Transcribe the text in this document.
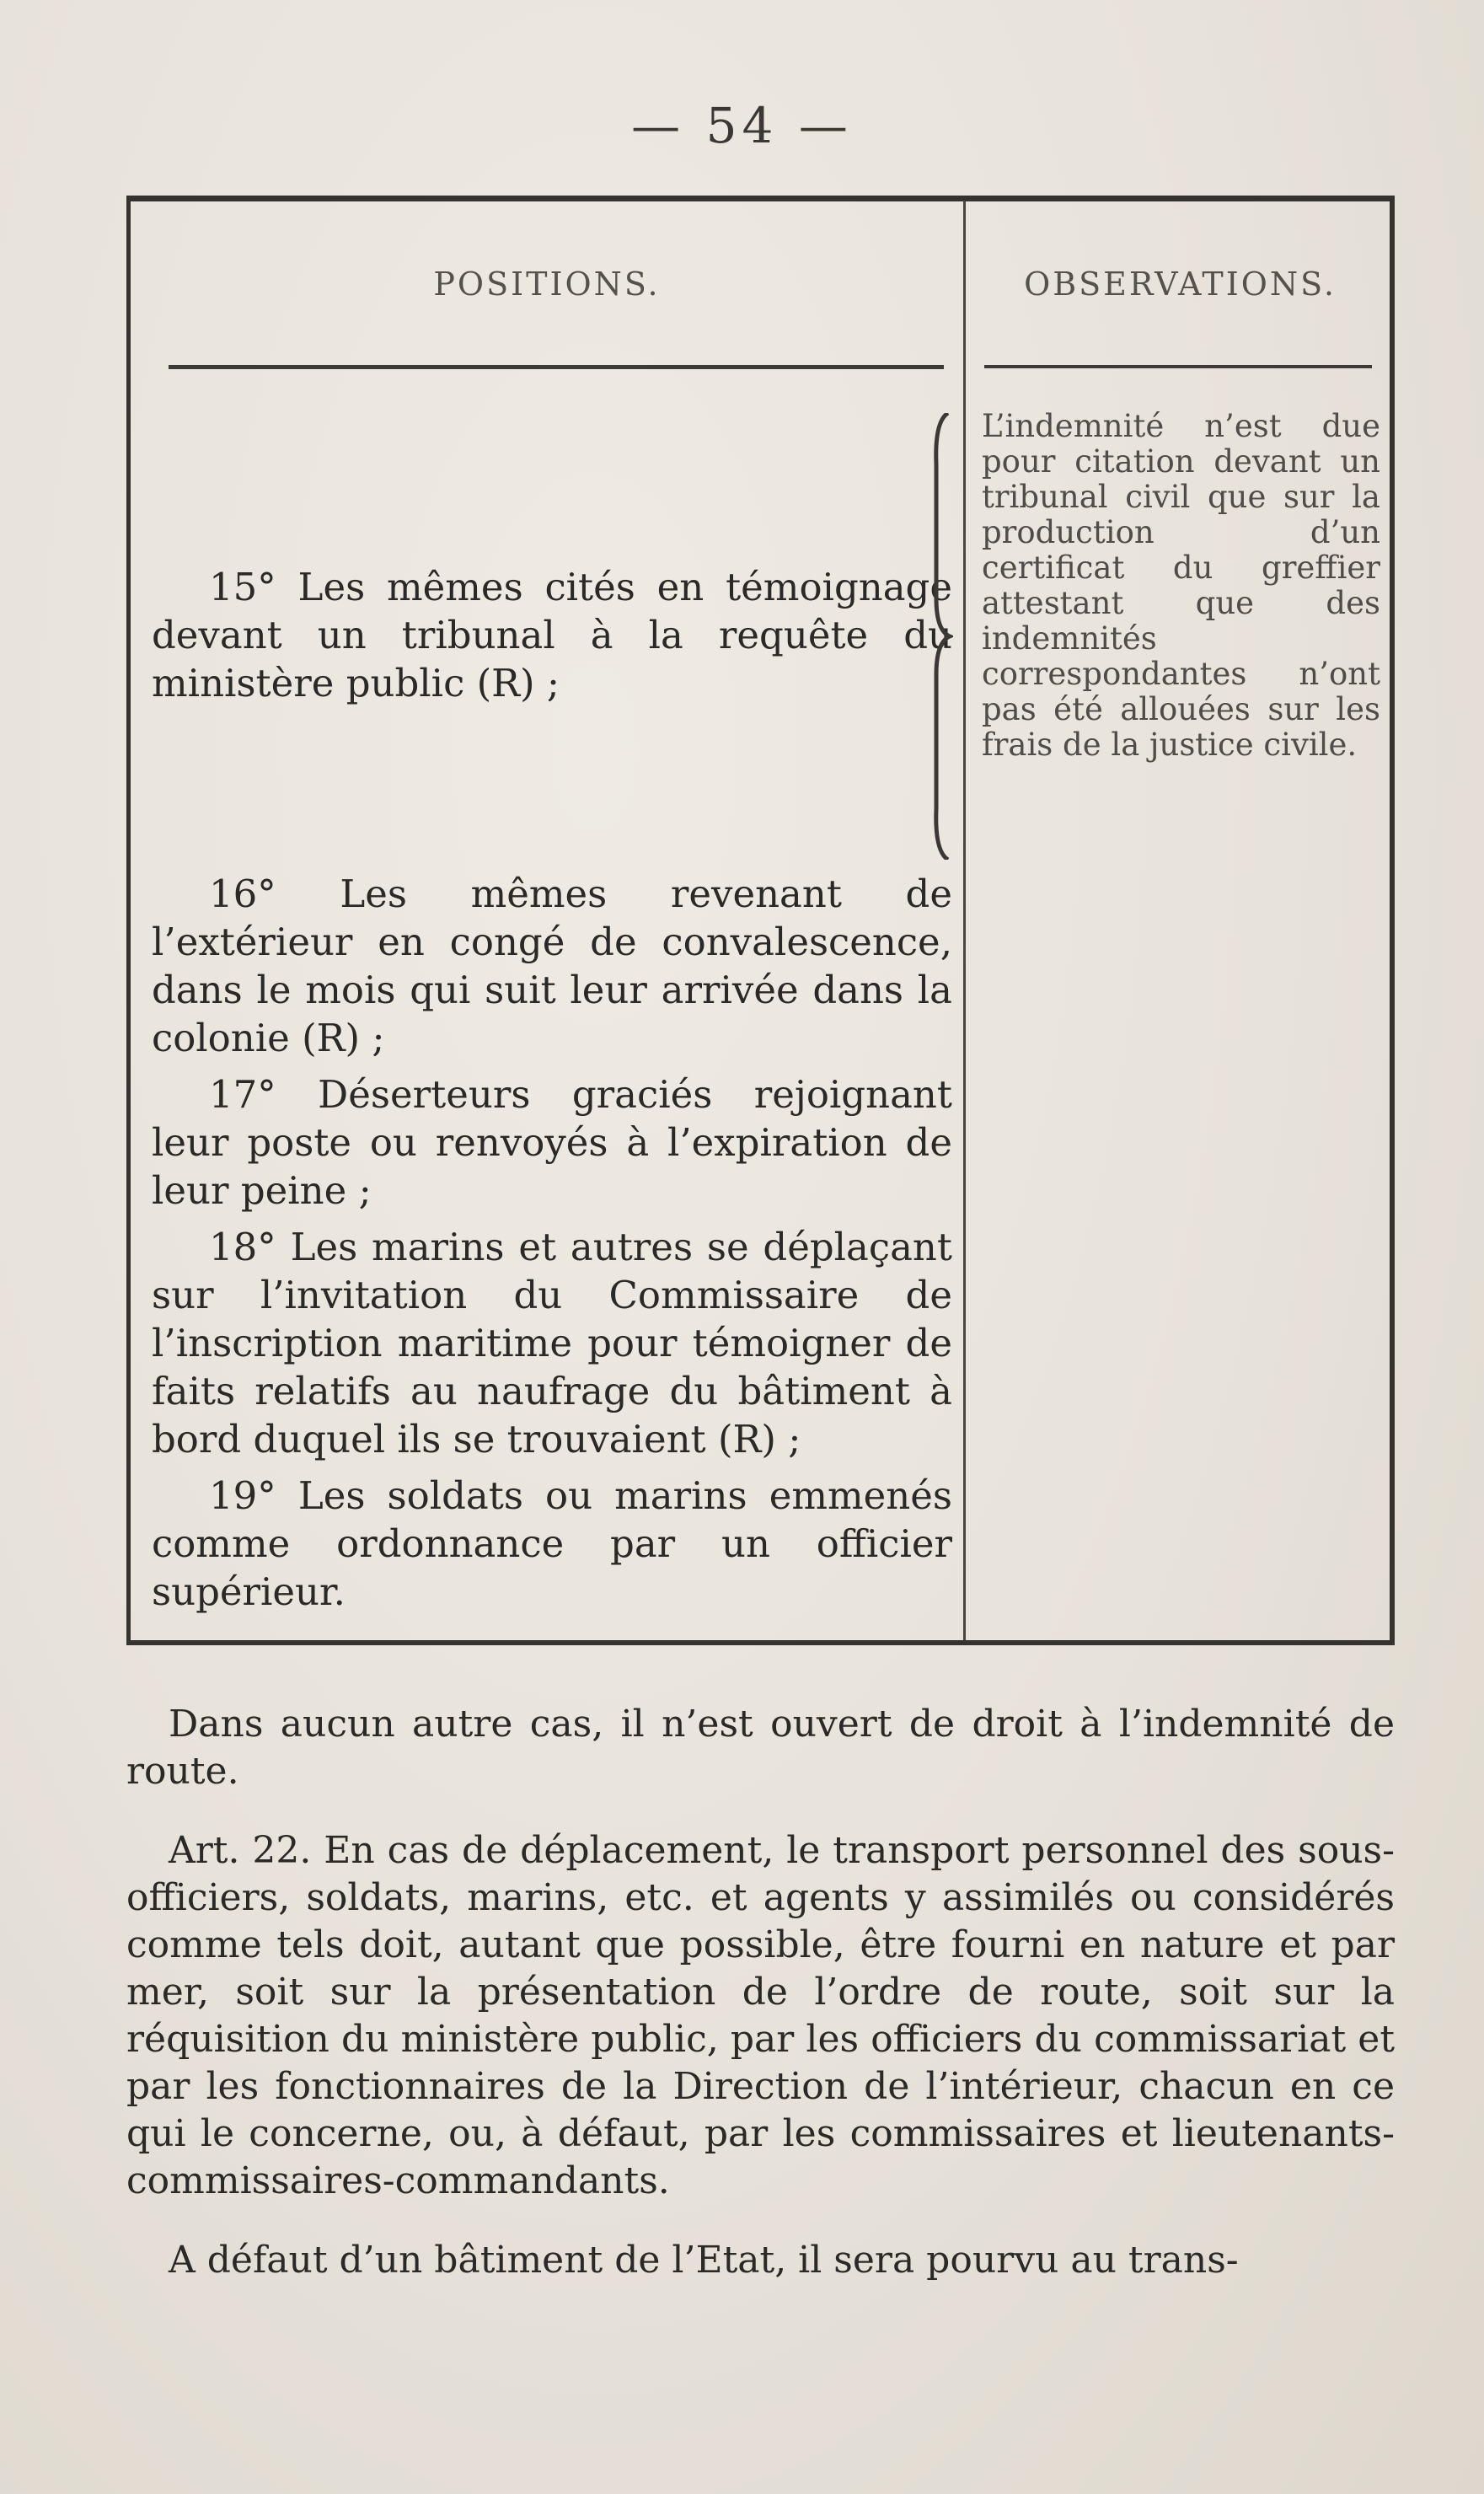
— 54 —
POSITIONS.	OBSERVATIONS.

15° Les mêmes cités en témoignage devant un tribunal à la requête du ministère public (R) ;

L’indemnité n’est due pour citation devant un tribunal civil que sur la production d’un certificat du greffier attestant que des indemnités correspondantes n’ont pas été allouées sur les frais de la justice civile.

16° Les mêmes revenant de l’extérieur en congé de convalescence, dans le mois qui suit leur arrivée dans la colonie (R) ;

17° Déserteurs graciés rejoignant leur poste ou renvoyés à l’expiration de leur peine ;

18° Les marins et autres se déplaçant sur l’invitation du Commissaire de l’inscription maritime pour témoigner de faits relatifs au naufrage du bâtiment à bord duquel ils se trouvaient (R) ;

19° Les soldats ou marins emmenés comme ordonnance par un officier supérieur.

Dans aucun autre cas, il n’est ouvert de droit à l’indemnité de route.

Art. 22. En cas de déplacement, le transport personnel des sous-officiers, soldats, marins, etc. et agents y assimilés ou considérés comme tels doit, autant que possible, être fourni en nature et par mer, soit sur la présentation de l’ordre de route, soit sur la réquisition du ministère public, par les officiers du commissariat et par les fonctionnaires de la Direction de l’intérieur, chacun en ce qui le concerne, ou, à défaut, par les commissaires et lieutenants-commissaires-commandants.

A défaut d’un bâtiment de l’Etat, il sera pourvu au trans-
